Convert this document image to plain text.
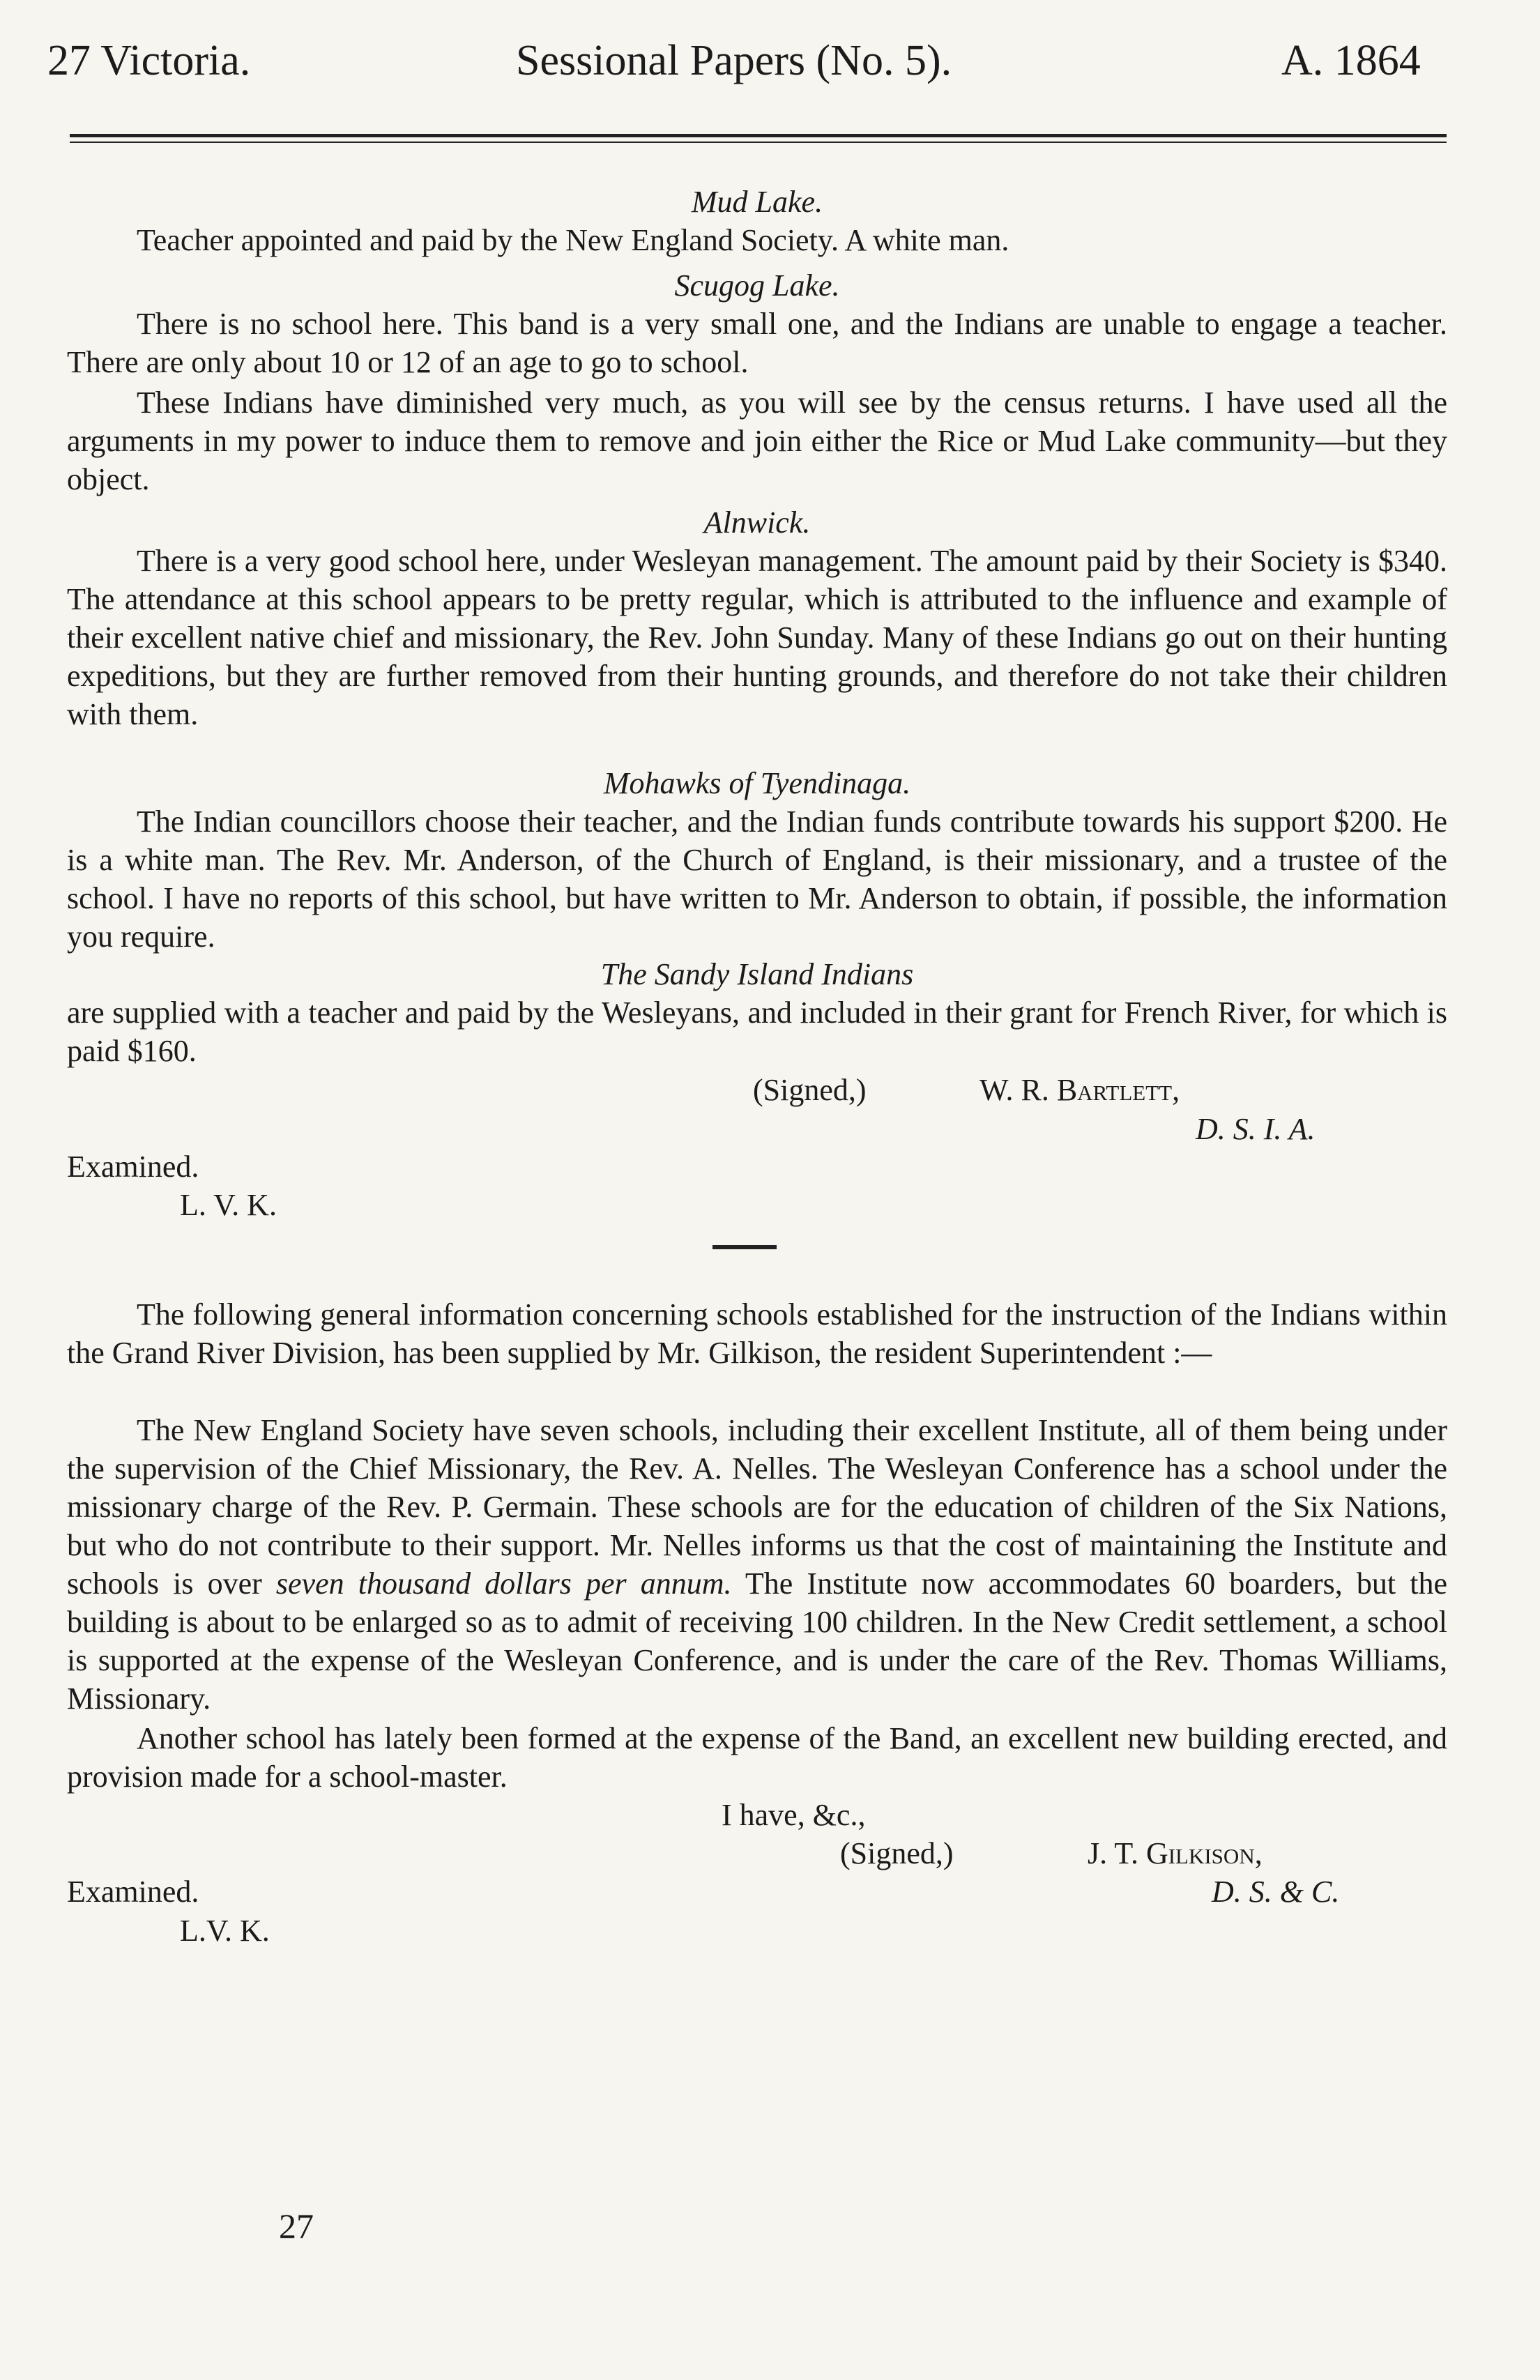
27 Victoria.	Sessional Papers (No. 5).	A. 1864
Mud Lake.
Teacher appointed and paid by the New England Society. A white man.
Scugog Lake.
There is no school here. This band is a very small one, and the Indians are unable to engage a teacher. There are only about 10 or 12 of an age to go to school.
These Indians have diminished very much, as you will see by the census returns. I have used all the arguments in my power to induce them to remove and join either the Rice or Mud Lake community—but they object.
Alnwick.
There is a very good school here, under Wesleyan management. The amount paid by their Society is $340. The attendance at this school appears to be pretty regular, which is attributed to the influence and example of their excellent native chief and missionary, the Rev. John Sunday. Many of these Indians go out on their hunting expeditions, but they are further removed from their hunting grounds, and therefore do not take their children with them.
Mohawks of Tyendinaga.
The Indian councillors choose their teacher, and the Indian funds contribute towards his support $200. He is a white man. The Rev. Mr. Anderson, of the Church of England, is their missionary, and a trustee of the school. I have no reports of this school, but have written to Mr. Anderson to obtain, if possible, the information you require.
The Sandy Island Indians
are supplied with a teacher and paid by the Wesleyans, and included in their grant for French River, for which is paid $160.
(Signed,)	W. R. Bartlett,
D. S. I. A.
Examined.
L. V. K.
The following general information concerning schools established for the instruction of the Indians within the Grand River Division, has been supplied by Mr. Gilkison, the resident Superintendent :—
The New England Society have seven schools, including their excellent Institute, all of them being under the supervision of the Chief Missionary, the Rev. A. Nelles. The Wesleyan Conference has a school under the missionary charge of the Rev. P. Germain. These schools are for the education of children of the Six Nations, but who do not contribute to their support. Mr. Nelles informs us that the cost of maintaining the Institute and schools is over seven thousand dollars per annum. The Institute now accommodates 60 boarders, but the building is about to be enlarged so as to admit of receiving 100 children. In the New Credit settlement, a school is supported at the expense of the Wesleyan Conference, and is under the care of the Rev. Thomas Williams, Missionary.
Another school has lately been formed at the expense of the Band, an excellent new building erected, and provision made for a school-master.
I have, &c.,
(Signed,)	J. T. Gilkison,
D. S. & C.
Examined.
L.V. K.
27
